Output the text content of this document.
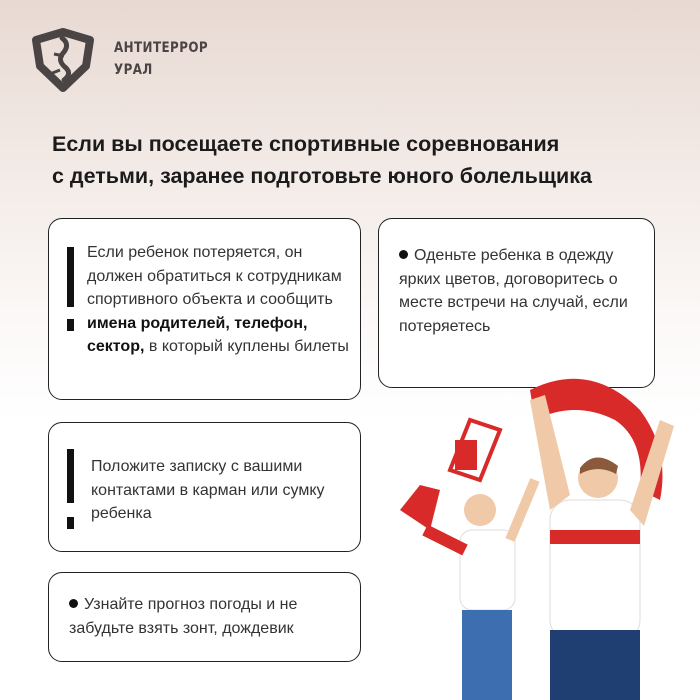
АНТИТЕРРОР
УРАЛ
Если вы посещаете спортивные соревнования
с детьми, заранее подготовьте юного болельщика
Если ребенок потеряется, он должен обратиться к сотрудникам спортивного объекта и сообщить имена родителей, телефон, сектор, в который куплены билеты
Оденьте ребенка в одежду ярких цветов, договоритесь о месте встречи на случай, если потеряетесь
Положите записку с вашими контактами в карман или сумку ребенка
Узнайте прогноз погоды и не забудьте взять зонт, дождевик
